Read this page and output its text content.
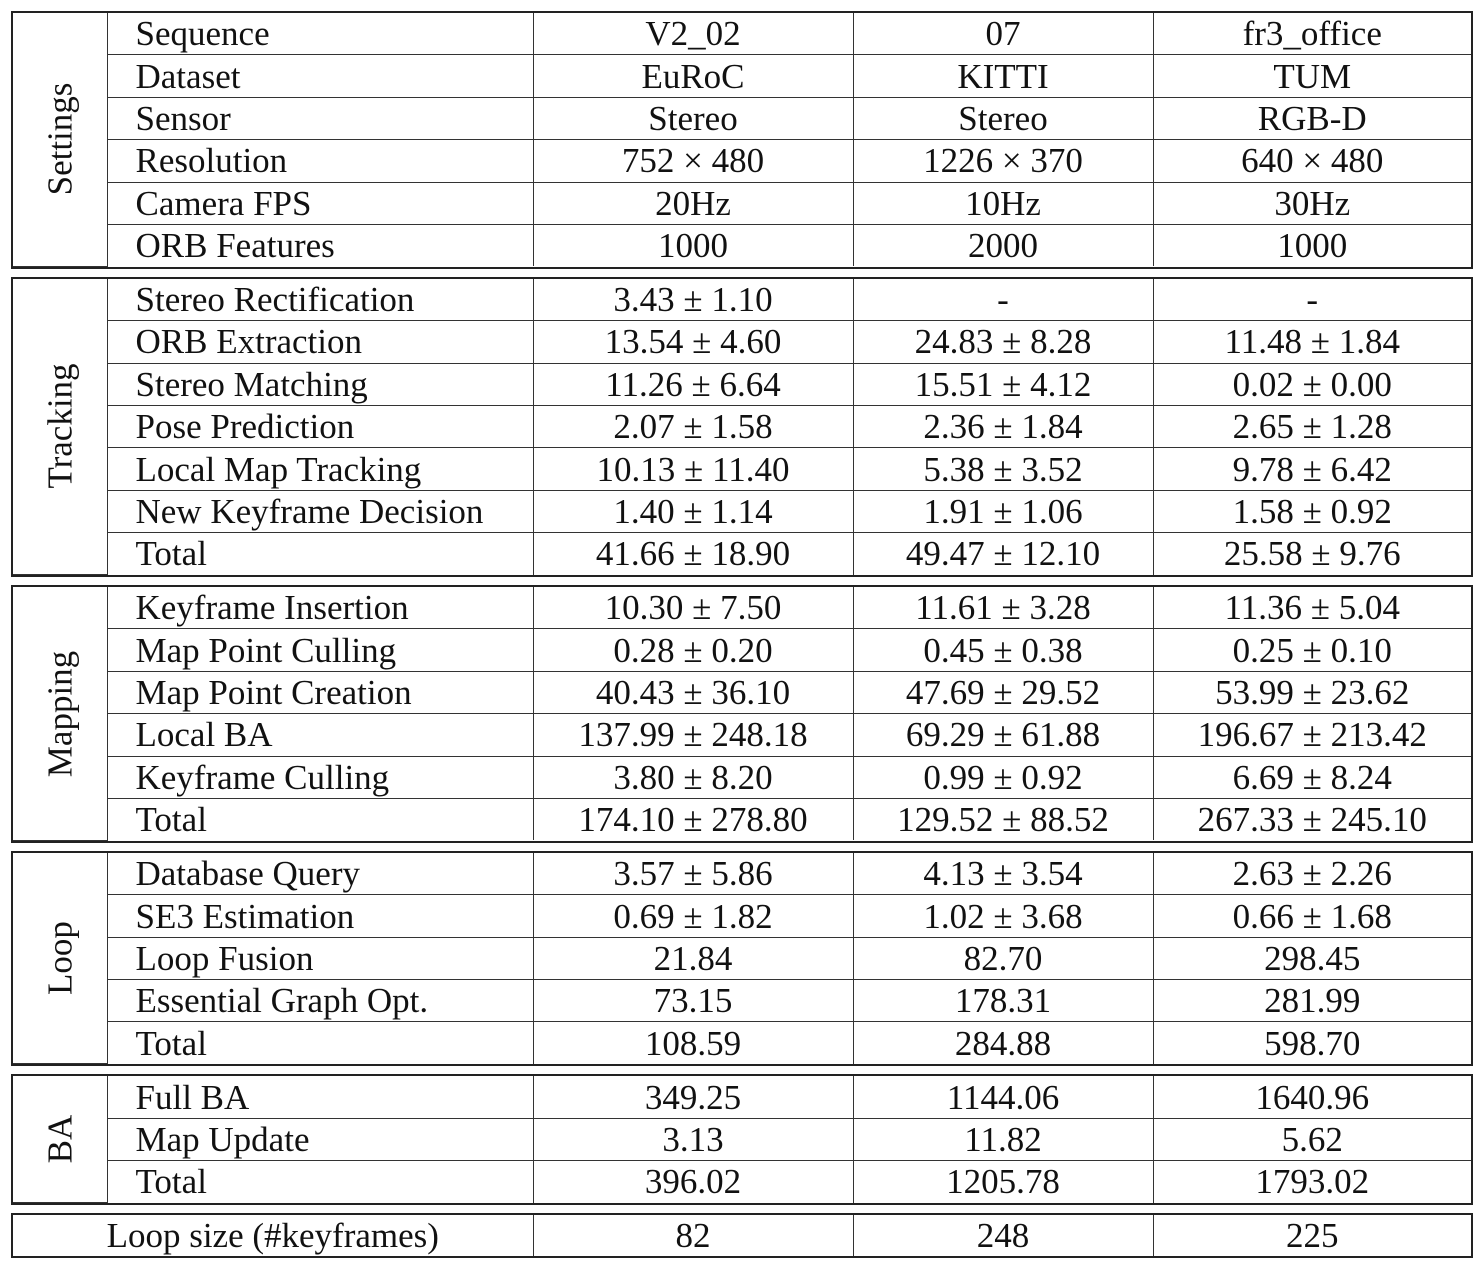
Settings	Sequence	V2_02	07	fr3_office
	Dataset	EuRoC	KITTI	TUM
	Sensor	Stereo	Stereo	RGB-D
	Resolution	752 × 480	1226 × 370	640 × 480
	Camera FPS	20Hz	10Hz	30Hz
	ORB Features	1000	2000	1000
Tracking	Stereo Rectification	3.43 ± 1.10	-	-
	ORB Extraction	13.54 ± 4.60	24.83 ± 8.28	11.48 ± 1.84
	Stereo Matching	11.26 ± 6.64	15.51 ± 4.12	0.02 ± 0.00
	Pose Prediction	2.07 ± 1.58	2.36 ± 1.84	2.65 ± 1.28
	Local Map Tracking	10.13 ± 11.40	5.38 ± 3.52	9.78 ± 6.42
	New Keyframe Decision	1.40 ± 1.14	1.91 ± 1.06	1.58 ± 0.92
	Total	41.66 ± 18.90	49.47 ± 12.10	25.58 ± 9.76
Mapping	Keyframe Insertion	10.30 ± 7.50	11.61 ± 3.28	11.36 ± 5.04
	Map Point Culling	0.28 ± 0.20	0.45 ± 0.38	0.25 ± 0.10
	Map Point Creation	40.43 ± 36.10	47.69 ± 29.52	53.99 ± 23.62
	Local BA	137.99 ± 248.18	69.29 ± 61.88	196.67 ± 213.42
	Keyframe Culling	3.80 ± 8.20	0.99 ± 0.92	6.69 ± 8.24
	Total	174.10 ± 278.80	129.52 ± 88.52	267.33 ± 245.10
Loop	Database Query	3.57 ± 5.86	4.13 ± 3.54	2.63 ± 2.26
	SE3 Estimation	0.69 ± 1.82	1.02 ± 3.68	0.66 ± 1.68
	Loop Fusion	21.84	82.70	298.45
	Essential Graph Opt.	73.15	178.31	281.99
	Total	108.59	284.88	598.70
BA	Full BA	349.25	1144.06	1640.96
	Map Update	3.13	11.82	5.62
	Total	396.02	1205.78	1793.02
Loop size (#keyframes)	82	248	225
